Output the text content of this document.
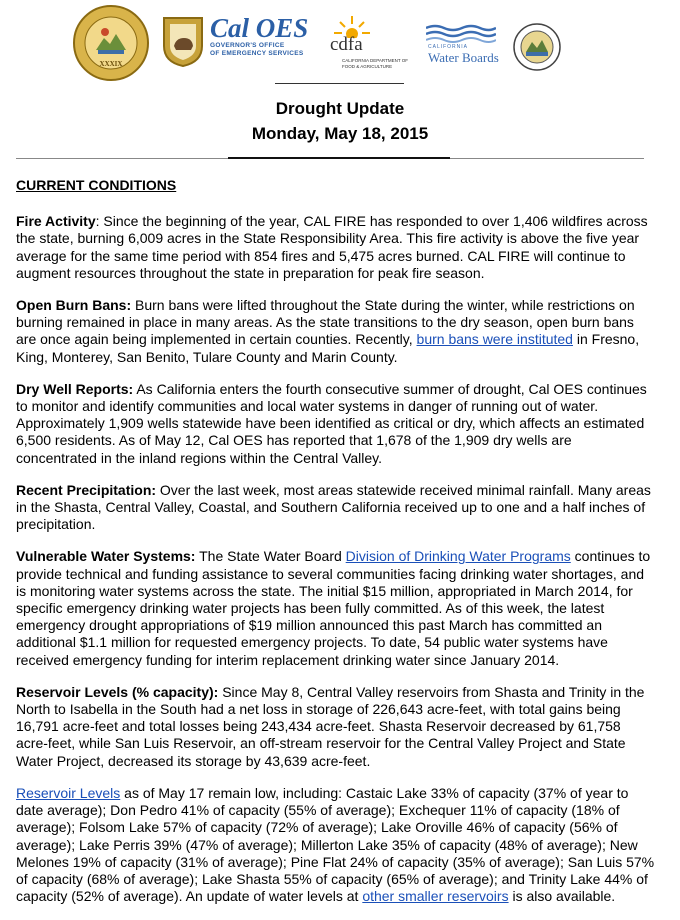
XXXIX
Cal OES
GOVERNOR'S OFFICE
OF EMERGENCY SERVICES	cdfa
CALIFORNIA DEPARTMENT OF
FOOD & AGRICULTURE
CALIFORNIA
Water Boards
Drought Update
Monday, May 18, 2015

CURRENT CONDITIONS

Fire Activity: Since the beginning of the year, CAL FIRE has responded to over 1,406 wildfires across the state, burning 6,009 acres in the State Responsibility Area. This fire activity is above the five year average for the same time period with 854 fires and 5,475 acres burned. CAL FIRE will continue to augment resources throughout the state in preparation for peak fire season.

Open Burn Bans: Burn bans were lifted throughout the State during the winter, while restrictions on burning remained in place in many areas. As the state transitions to the dry season, open burn bans are once again being implemented in certain counties. Recently, burn bans were instituted in Fresno, King, Monterey, San Benito, Tulare County and Marin County.

Dry Well Reports: As California enters the fourth consecutive summer of drought, Cal OES continues to monitor and identify communities and local water systems in danger of running out of water. Approximately 1,909 wells statewide have been identified as critical or dry, which affects an estimated 6,500 residents. As of May 12, Cal OES has reported that 1,678 of the 1,909 dry wells are concentrated in the inland regions within the Central Valley.

Recent Precipitation: Over the last week, most areas statewide received minimal rainfall. Many areas in the Shasta, Central Valley, Coastal, and Southern California received up to one and a half inches of precipitation.

Vulnerable Water Systems: The State Water Board Division of Drinking Water Programs continues to provide technical and funding assistance to several communities facing drinking water shortages, and is monitoring water systems across the state. The initial $15 million, appropriated in March 2014, for specific emergency drinking water projects has been fully committed. As of this week, the latest emergency drought appropriations of $19 million announced this past March has committed an additional $1.1 million for requested emergency projects. To date, 54 public water systems have received emergency funding for interim replacement drinking water since January 2014.

Reservoir Levels (% capacity): Since May 8, Central Valley reservoirs from Shasta and Trinity in the North to Isabella in the South had a net loss in storage of 226,643 acre-feet, with total gains being 16,791 acre-feet and total losses being 243,434 acre-feet. Shasta Reservoir decreased by 61,758 acre-feet, while San Luis Reservoir, an off-stream reservoir for the Central Valley Project and State Water Project, decreased its storage by 43,639 acre-feet.

Reservoir Levels as of May 17 remain low, including: Castaic Lake 33% of capacity (37% of year to date average); Don Pedro 41% of capacity (55% of average); Exchequer 11% of capacity (18% of average); Folsom Lake 57% of capacity (72% of average); Lake Oroville 46% of capacity (56% of average); Lake Perris 39% (47% of average); Millerton Lake 35% of capacity (48% of average); New Melones 19% of capacity (31% of average); Pine Flat 24% of capacity (35% of average); San Luis 57% of capacity (68% of average); Lake Shasta 55% of capacity (65% of average); and Trinity Lake 44% of capacity (52% of average). An update of water levels at other smaller reservoirs is also available.
